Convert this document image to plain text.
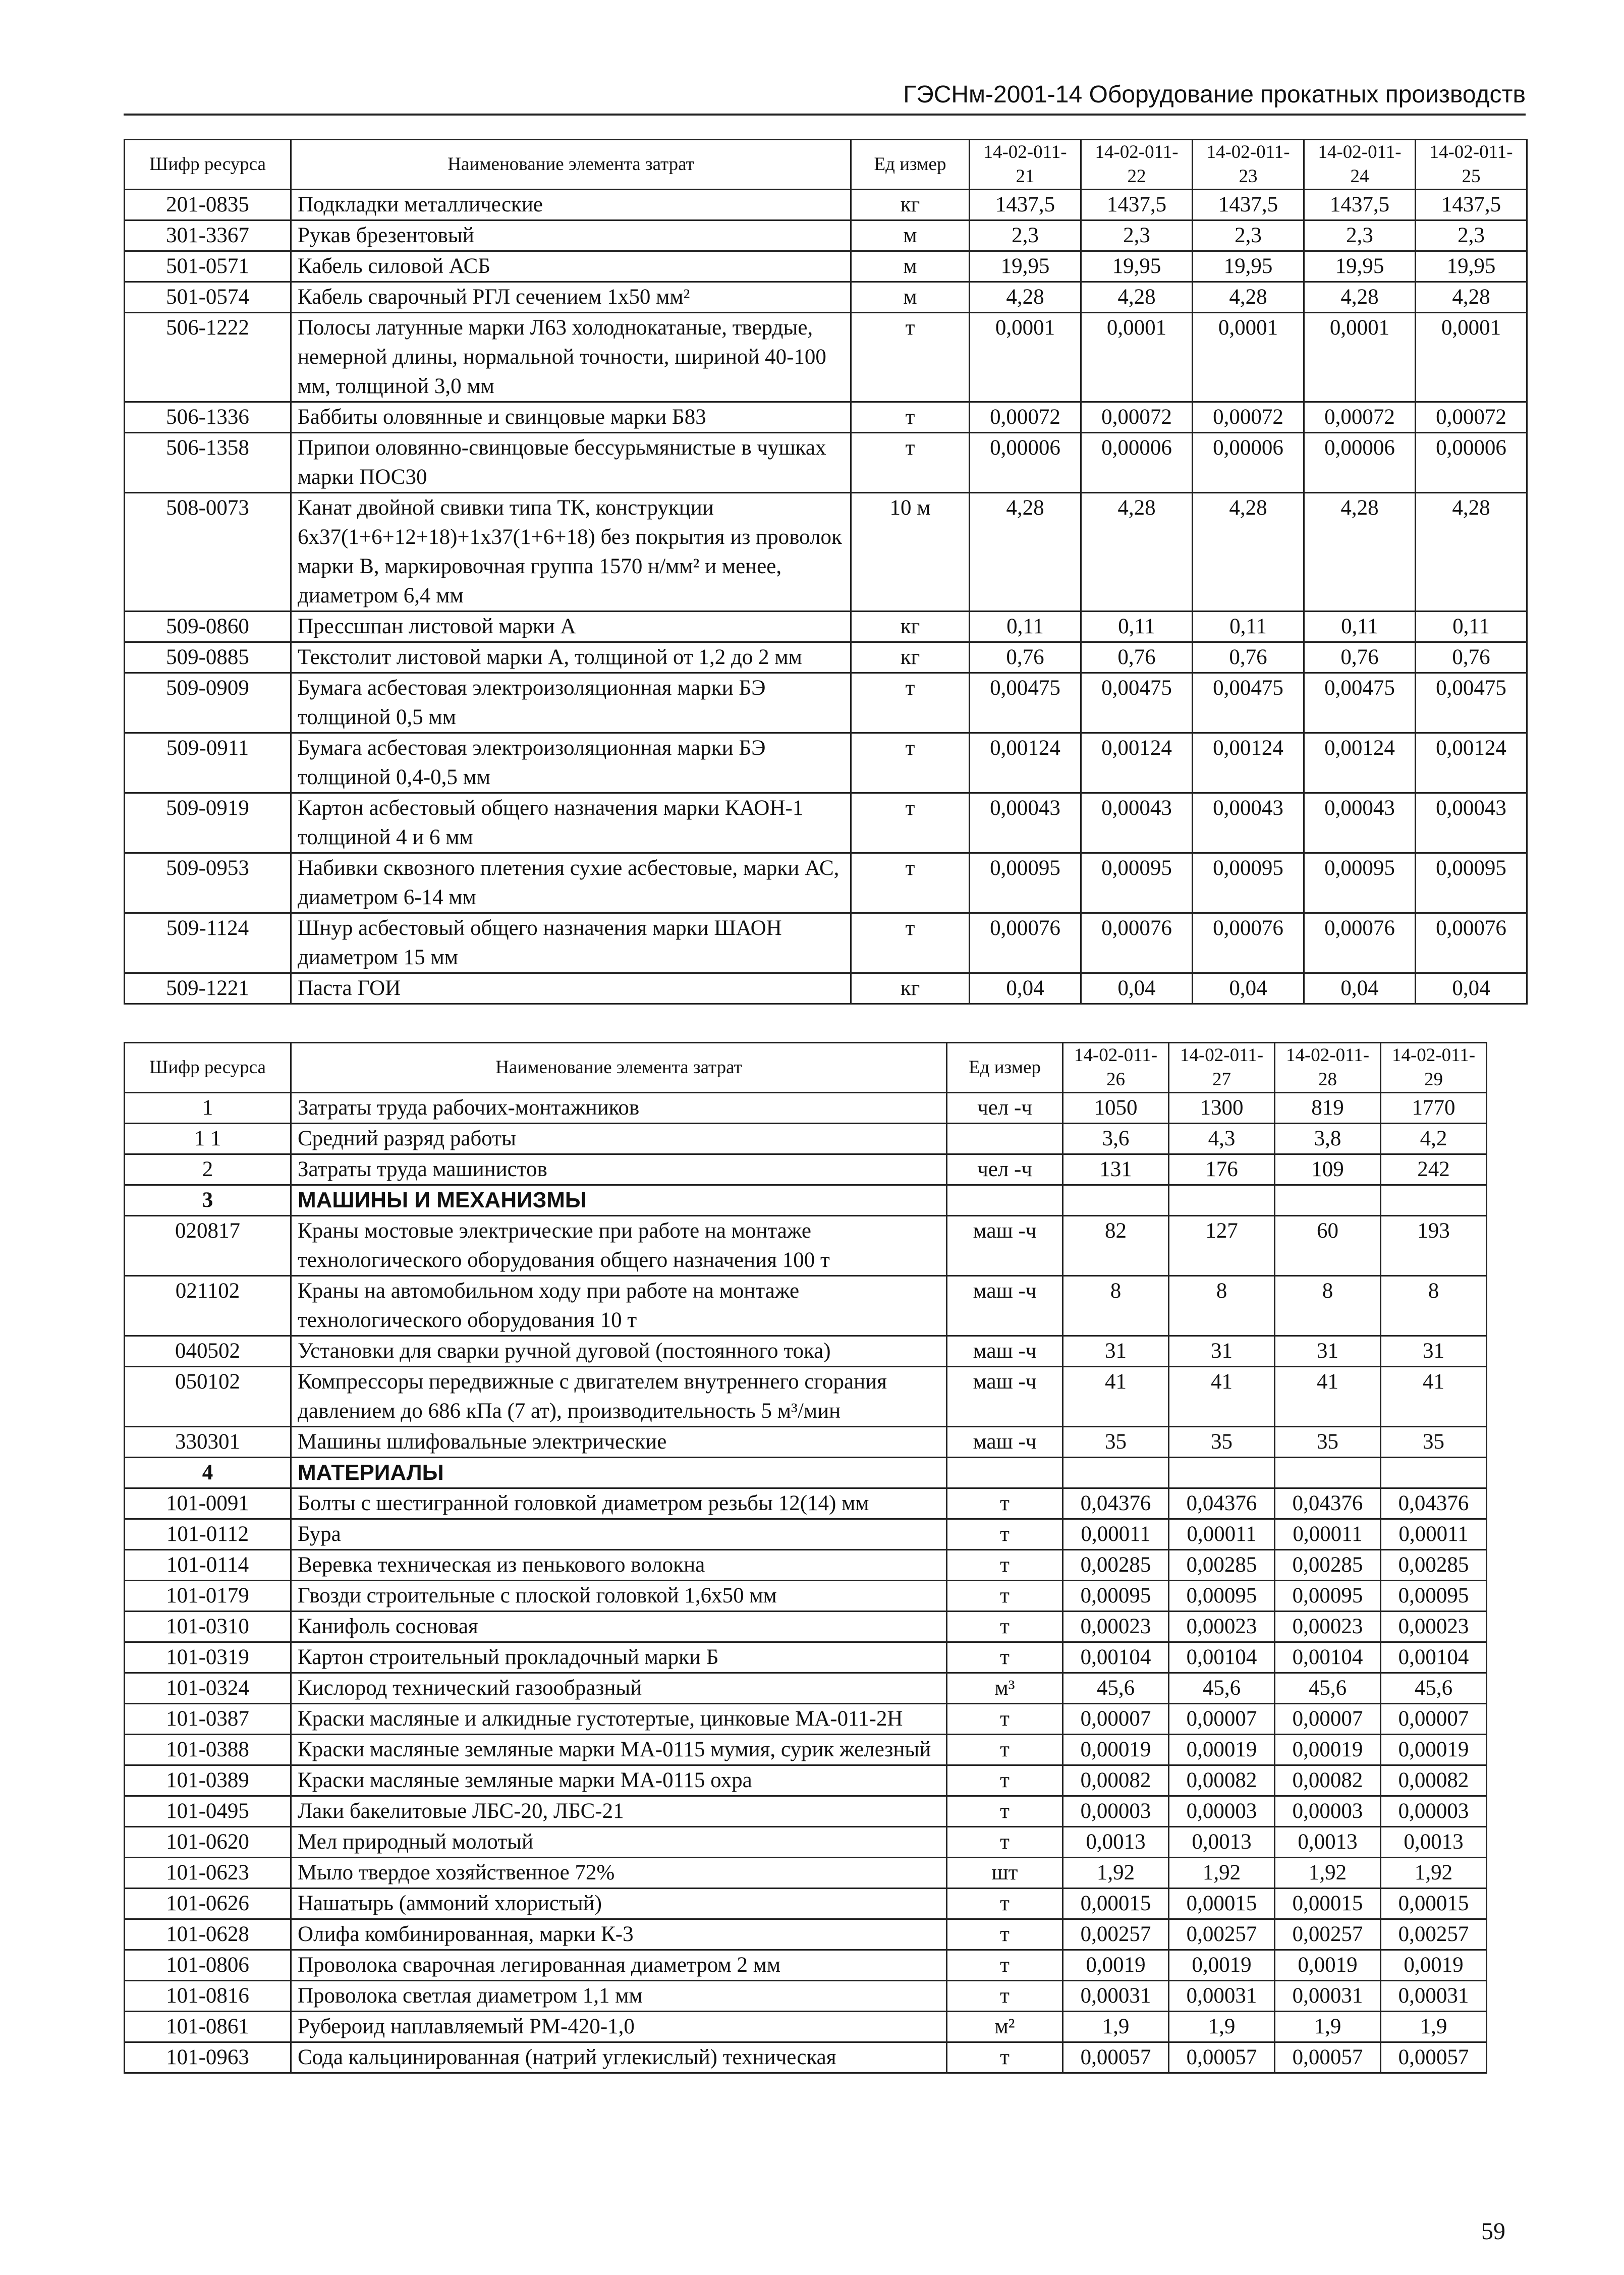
ГЭСНм-2001-14 Оборудование прокатных производств
Шифр ресурса	Наименование элемента затрат	Ед измер	14-02-011-21	14-02-011-22	14-02-011-23	14-02-011-24	14-02-011-25
201-0835	Подкладки металлические	кг	1437,5	1437,5	1437,5	1437,5	1437,5
301-3367	Рукав брезентовый	м	2,3	2,3	2,3	2,3	2,3
501-0571	Кабель силовой АСБ	м	19,95	19,95	19,95	19,95	19,95
501-0574	Кабель сварочный РГЛ сечением 1х50 мм²	м	4,28	4,28	4,28	4,28	4,28
506-1222	Полосы латунные марки Л63 холоднокатаные, твердые, немерной длины, нормальной точности, шириной 40-100 мм, толщиной 3,0 мм	т	0,0001	0,0001	0,0001	0,0001	0,0001
506-1336	Баббиты оловянные и свинцовые марки Б83	т	0,00072	0,00072	0,00072	0,00072	0,00072
506-1358	Припои оловянно-свинцовые бессурьмянистые в чушках марки ПОС30	т	0,00006	0,00006	0,00006	0,00006	0,00006
508-0073	Канат двойной свивки типа ТК, конструкции 6х37(1+6+12+18)+1х37(1+6+18) без покрытия из проволок марки В, маркировочная группа 1570 н/мм² и менее, диаметром 6,4 мм	10 м	4,28	4,28	4,28	4,28	4,28
509-0860	Прессшпан листовой марки А	кг	0,11	0,11	0,11	0,11	0,11
509-0885	Текстолит листовой марки А, толщиной от 1,2 до 2 мм	кг	0,76	0,76	0,76	0,76	0,76
509-0909	Бумага асбестовая электроизоляционная марки БЭ толщиной 0,5 мм	т	0,00475	0,00475	0,00475	0,00475	0,00475
509-0911	Бумага асбестовая электроизоляционная марки БЭ толщиной 0,4-0,5 мм	т	0,00124	0,00124	0,00124	0,00124	0,00124
509-0919	Картон асбестовый общего назначения марки КАОН-1 толщиной 4 и 6 мм	т	0,00043	0,00043	0,00043	0,00043	0,00043
509-0953	Набивки сквозного плетения сухие асбестовые, марки АС, диаметром 6-14 мм	т	0,00095	0,00095	0,00095	0,00095	0,00095
509-1124	Шнур асбестовый общего назначения марки ШАОН диаметром 15 мм	т	0,00076	0,00076	0,00076	0,00076	0,00076
509-1221	Паста ГОИ	кг	0,04	0,04	0,04	0,04	0,04
Шифр ресурса	Наименование элемента затрат	Ед измер	14-02-011-26	14-02-011-27	14-02-011-28	14-02-011-29
1	Затраты труда рабочих-монтажников	чел -ч	1050	1300	819	1770
1 1	Средний разряд работы		3,6	4,3	3,8	4,2
2	Затраты труда машинистов	чел -ч	131	176	109	242
3	МАШИНЫ И МЕХАНИЗМЫ					
020817	Краны мостовые электрические при работе на монтаже технологического оборудования общего назначения 100 т	маш -ч	82	127	60	193
021102	Краны на автомобильном ходу при работе на монтаже технологического оборудования 10 т	маш -ч	8	8	8	8
040502	Установки для сварки ручной дуговой (постоянного тока)	маш -ч	31	31	31	31
050102	Компрессоры передвижные с двигателем внутреннего сгорания давлением до 686 кПа (7 ат), производительность 5 м³/мин	маш -ч	41	41	41	41
330301	Машины шлифовальные электрические	маш -ч	35	35	35	35
4	МАТЕРИАЛЫ					
101-0091	Болты с шестигранной головкой диаметром резьбы 12(14) мм	т	0,04376	0,04376	0,04376	0,04376
101-0112	Бура	т	0,00011	0,00011	0,00011	0,00011
101-0114	Веревка техническая из пенькового волокна	т	0,00285	0,00285	0,00285	0,00285
101-0179	Гвозди строительные с плоской головкой 1,6х50 мм	т	0,00095	0,00095	0,00095	0,00095
101-0310	Канифоль сосновая	т	0,00023	0,00023	0,00023	0,00023
101-0319	Картон строительный прокладочный марки Б	т	0,00104	0,00104	0,00104	0,00104
101-0324	Кислород технический газообразный	м³	45,6	45,6	45,6	45,6
101-0387	Краски масляные и алкидные густотертые, цинковые МА-011-2Н	т	0,00007	0,00007	0,00007	0,00007
101-0388	Краски масляные земляные марки МА-0115 мумия, сурик железный	т	0,00019	0,00019	0,00019	0,00019
101-0389	Краски масляные земляные марки МА-0115 охра	т	0,00082	0,00082	0,00082	0,00082
101-0495	Лаки бакелитовые ЛБС-20, ЛБС-21	т	0,00003	0,00003	0,00003	0,00003
101-0620	Мел природный молотый	т	0,0013	0,0013	0,0013	0,0013
101-0623	Мыло твердое хозяйственное 72%	шт	1,92	1,92	1,92	1,92
101-0626	Нашатырь (аммоний хлористый)	т	0,00015	0,00015	0,00015	0,00015
101-0628	Олифа комбинированная, марки К-3	т	0,00257	0,00257	0,00257	0,00257
101-0806	Проволока сварочная легированная диаметром 2 мм	т	0,0019	0,0019	0,0019	0,0019
101-0816	Проволока светлая диаметром 1,1 мм	т	0,00031	0,00031	0,00031	0,00031
101-0861	Рубероид наплавляемый РМ-420-1,0	м²	1,9	1,9	1,9	1,9
101-0963	Сода кальцинированная (натрий углекислый) техническая	т	0,00057	0,00057	0,00057	0,00057
59
